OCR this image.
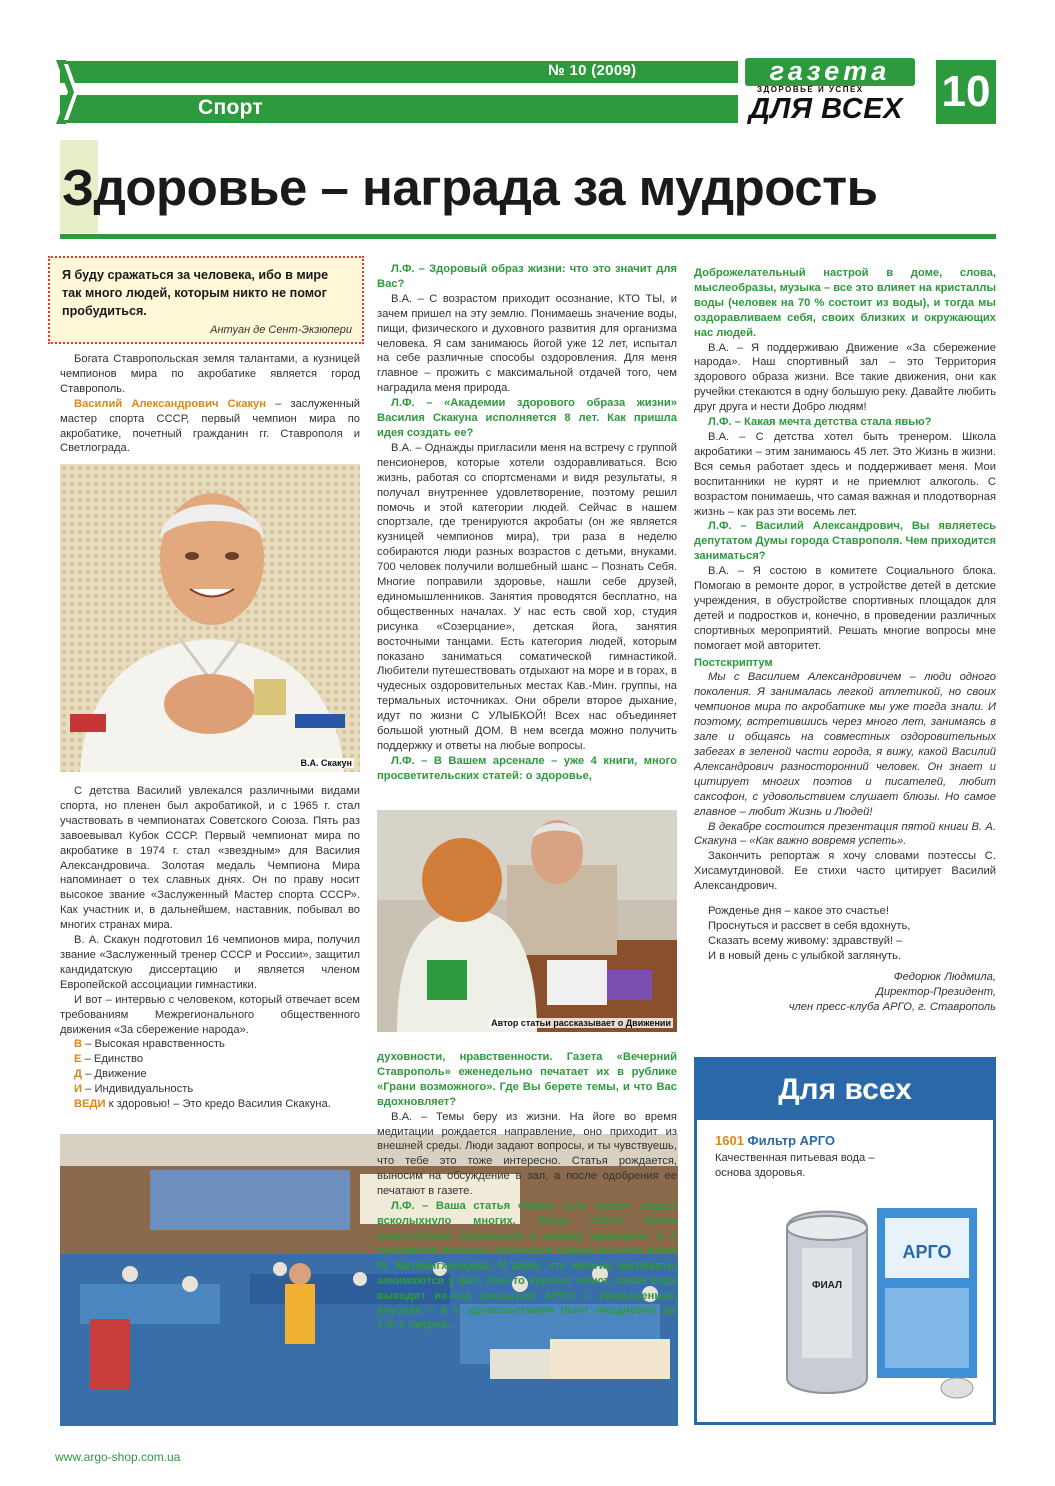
№ 10 (2009)
Спорт
газета
ЗДОРОВЬЕ И УСПЕХ
ДЛЯ ВСЕХ 10
Здоровье – награда за мудрость
Я буду сражаться за человека, ибо в мире так много людей, которым никто не помог пробудиться.
Антуан де Сент-Экзюпери

Богата Ставропольская земля талантами, а кузницей чемпионов мира по акробатике является город Ставрополь.

Василий Александрович Скакун – заслуженный мастер спорта СССР, первый чемпион мира по акробатике, почетный гражданин гг. Ставрополя и Светлограда.

В.А. Скакун

С детства Василий увлекался различными видами спорта, но пленен был акробатикой, и с 1965 г. стал участвовать в чемпионатах Советского Союза. Пять раз завоевывал Кубок СССР. Первый чемпионат мира по акробатике в 1974 г. стал «звездным» для Василия Александровича. Золотая медаль Чемпиона Мира напоминает о тех славных днях. Он по праву носит высокое звание «Заслуженный Мастер спорта СССР». Как участник и, в дальнейшем, наставник, побывал во многих странах мира.

В. А. Скакун подготовил 16 чемпионов мира, получил звание «Заслуженный тренер СССР и России», защитил кандидатскую диссертацию и является членом Европейской ассоциации гимнастики.

И вот – интервью с человеком, который отвечает всем требованиям Межрегионального общественного движения «За сбережение народа».

В – Высокая нравственность
Е – Единство
Д – Движение
И – Индивидуальность
ВЕДИ к здоровью! – Это кредо Василия Скакуна.

Л.Ф. – Здоровый образ жизни: что это значит для Вас?

В.А. – С возрастом приходит осознание, КТО ТЫ, и зачем пришел на эту землю. Понимаешь значение воды, пищи, физического и духовного развития для организма человека. Я сам занимаюсь йогой уже 12 лет, испытал на себе различные способы оздоровления. Для меня главное – прожить с максимальной отдачей того, чем наградила меня природа.

Л.Ф. – «Академии здорового образа жизни» Василия Скакуна исполняется 8 лет. Как пришла идея создать ее?

В.А. – Однажды пригласили меня на встречу с группой пенсионеров, которые хотели оздоравливаться. Всю жизнь, работая со спортсменами и видя результаты, я получал внутреннее удовлетворение, поэтому решил помочь и этой категории людей. Сейчас в нашем спортзале, где тренируются акробаты (он же является кузницей чемпионов мира), три раза в неделю собираются люди разных возрастов с детьми, внуками. 700 человек получили волшебный шанс – Познать Себя. Многие поправили здоровье, нашли себе друзей, единомышленников. Занятия проводятся бесплатно, на общественных началах. У нас есть свой хор, студия рисунка «Созерцание», детская йога, занятия восточными танцами. Есть категория людей, которым показано заниматься соматической гимнастикой. Любители путешествовать отдыхают на море и в горах, в чудесных оздоровительных местах Кав.-Мин. группы, на термальных источниках. Они обрели второе дыхание, идут по жизни С УЛЫБКОЙ! Всех нас объединяет большой уютный ДОМ. В нем всегда можно получить поддержку и ответы на любые вопросы.

Л.Ф. – В Вашем арсенале – уже 4 книги, много просветительских статей: о здоровье,

Автор статьи рассказывает о Движении

духовности, нравственности. Газета «Вечерний Ставрополь» еженедельно печатает их в рублике «Грани возможного». Где Вы берете темы, и что Вас вдохновляет?

В.А. – Темы беру из жизни. На йоге во время медитации рождается направление, оно приходит из внешней среды. Люди задают вопросы, и ты чувствуешь, что тебе это тоже интересно. Статья рождается, выносим на обсуждение в зал, а после одобрения ее печатают в газете.

Л.Ф. – Ваша статья «Ваше тело просит воды» всколыхнуло многих. Люди стали более ответственно относиться к своему здоровью, и с прилавков книжных магазинов города исчезли книги Ф. Батмангхелиджа. Я вижу, что многие аргонавты занимаются у Вас. Они-то хорошо знают, какая вода выходит из-под фильтров АРГО – качественная, вкусная – и с удовольствием пьют ежедневно до 1,5–2 литров.

Доброжелательный настрой в доме, слова, мыслеобразы, музыка – все это влияет на кристаллы воды (человек на 70 % состоит из воды), и тогда мы оздоравливаем себя, своих близких и окружающих нас людей.

В.А. – Я поддерживаю Движение «За сбережение народа». Наш спортивный зал – это Территория здорового образа жизни. Все такие движения, они как ручейки стекаются в одну большую реку. Давайте любить друг друга и нести Добро людям!

Л.Ф. – Какая мечта детства стала явью?

В.А. – С детства хотел быть тренером. Школа акробатики – этим занимаюсь 45 лет. Это Жизнь в жизни. Вся семья работает здесь и поддерживает меня. Мои воспитанники не курят и не приемлют алкоголь. С возрастом понимаешь, что самая важная и плодотворная жизнь – как раз эти восемь лет.

Л.Ф. – Василий Александрович, Вы являетесь депутатом Думы города Ставрополя. Чем приходится заниматься?

В.А. – Я состою в комитете Социального блока. Помогаю в ремонте дорог, в устройстве детей в детские учреждения, в обустройстве спортивных площадок для детей и подростков и, конечно, в проведении различных спортивных мероприятий. Решать многие вопросы мне помогает мой авторитет.

Постскриптум

Мы с Василием Александровичем – люди одного поколения. Я занималась легкой атлетикой, но своих чемпионов мира по акробатике мы уже тогда знали. И поэтому, встретившись через много лет, занимаясь в зале и общаясь на совместных оздоровительных забегах в зеленой части города, я вижу, какой Василий Александрович разносторонний человек. Он знает и цитирует многих поэтов и писателей, любит саксофон, с удовольствием слушает блюзы. Но самое главное – любит Жизнь и Людей!

В декабре состоится презентация пятой книги В. А. Скакуна – «Как важно вовремя успеть».

Закончить репортаж я хочу словами поэтессы С. Хисамутдиновой. Ее стихи часто цитирует Василий Александрович.

Рожденье дня – какое это счастье!
Проснуться и рассвет в себя вдохнуть,
Сказать всему живому: здравствуй! –
И в новый день с улыбкой заглянуть.
Федорюк Людмила,
Директор-Президент,
член пресс-клуба АРГО, г. Ставрополь
Для всех
1601 Фильтр АРГО
Качественная питьевая вода –
основа здоровья.
АРГО
ФИАЛ
www.argo-shop.com.ua
